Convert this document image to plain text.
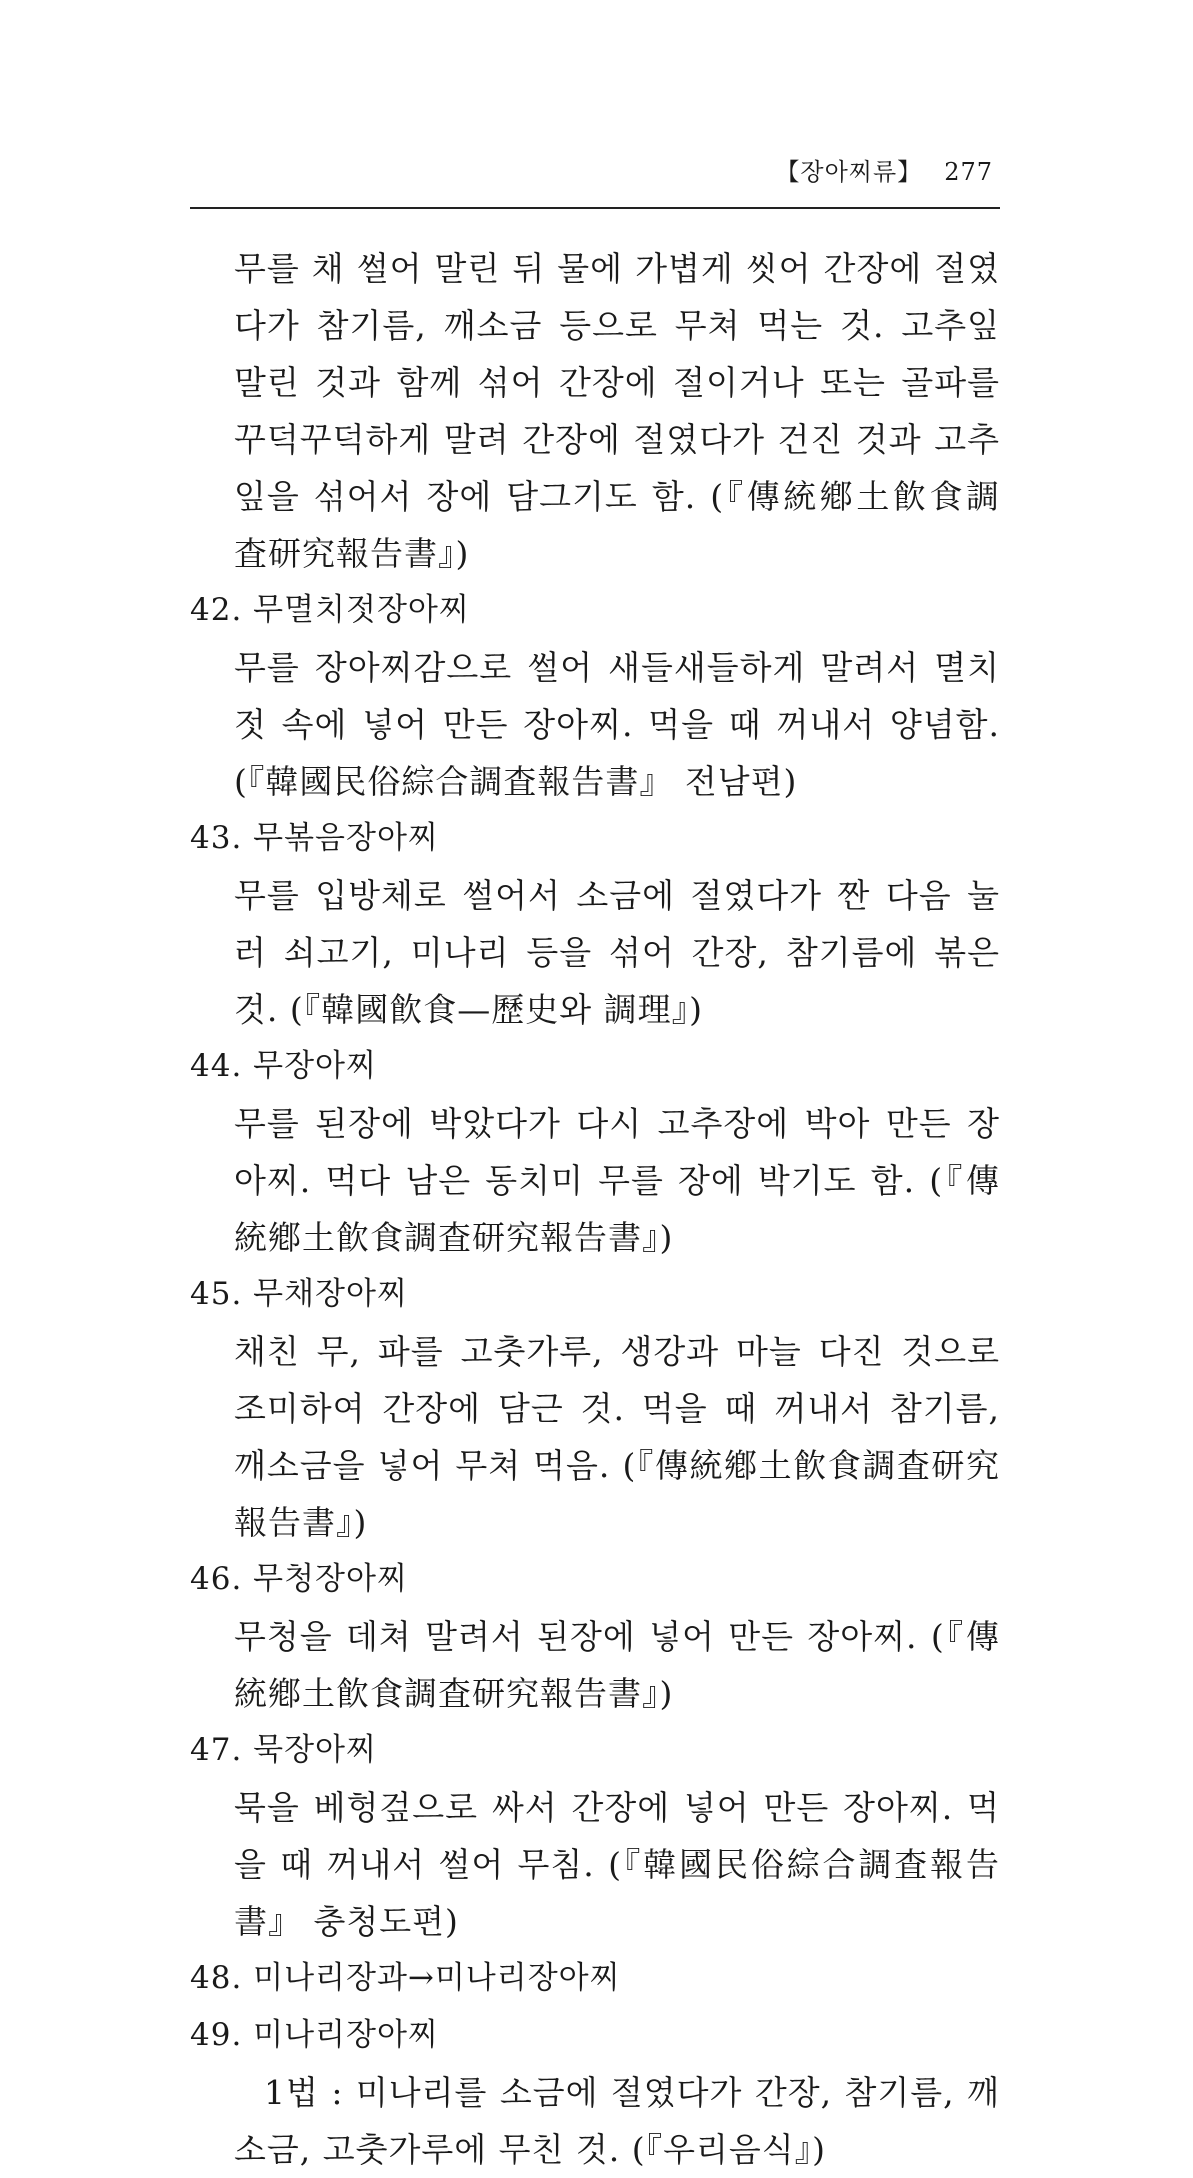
【장아찌류】 277
무를 채 썰어 말린 뒤 물에 가볍게 씻어 간장에 절였다가 참기름, 깨소금 등으로 무쳐 먹는 것. 고추잎 말린 것과 함께 섞어 간장에 절이거나 또는 골파를 꾸덕꾸덕하게 말려 간장에 절였다가 건진 것과 고추잎을 섞어서 장에 담그기도 함. (『傳統鄕土飮食調査研究報告書』)
42. 무멸치젓장아찌
무를 장아찌감으로 썰어 새들새들하게 말려서 멸치젓 속에 넣어 만든 장아찌. 먹을 때 꺼내서 양념함. (『韓國民俗綜合調査報告書』 전남편)
43. 무볶음장아찌
무를 입방체로 썰어서 소금에 절였다가 짠 다음 눌러 쇠고기, 미나리 등을 섞어 간장, 참기름에 볶은 것. (『韓國飮食—歷史와 調理』)
44. 무장아찌
무를 된장에 박았다가 다시 고추장에 박아 만든 장아찌. 먹다 남은 동치미 무를 장에 박기도 함. (『傳統鄕土飮食調査研究報告書』)
45. 무채장아찌
채친 무, 파를 고춧가루, 생강과 마늘 다진 것으로 조미하여 간장에 담근 것. 먹을 때 꺼내서 참기름, 깨소금을 넣어 무쳐 먹음. (『傳統鄕土飮食調査研究報告書』)
46. 무청장아찌
무청을 데쳐 말려서 된장에 넣어 만든 장아찌. (『傳統鄕土飮食調査研究報告書』)
47. 묵장아찌
묵을 베헝겊으로 싸서 간장에 넣어 만든 장아찌. 먹을 때 꺼내서 썰어 무침. (『韓國民俗綜合調査報告書』 충청도편)
48. 미나리장과→미나리장아찌
49. 미나리장아찌
1법 : 미나리를 소금에 절였다가 간장, 참기름, 깨소금, 고춧가루에 무친 것. (『우리음식』)
